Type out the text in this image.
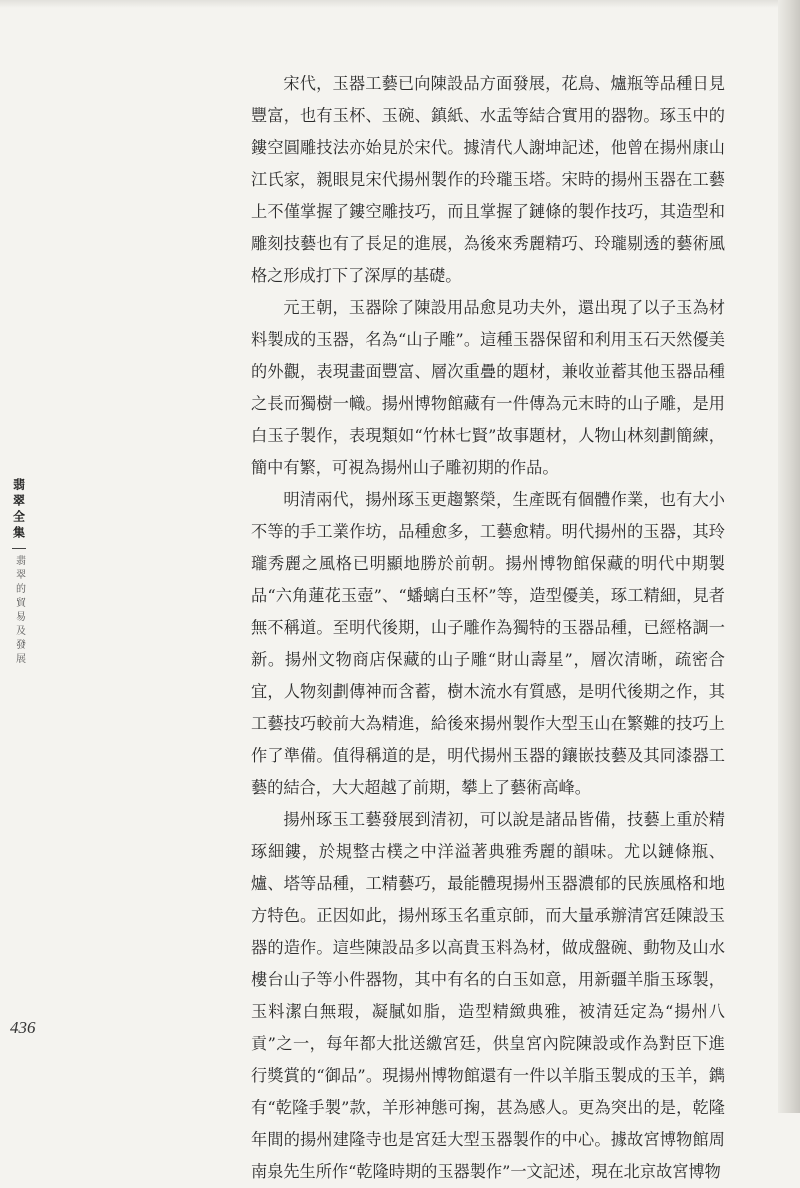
宋代，玉器工藝已向陳設品方面發展，花鳥、爐瓶等品種日見豐富，也有玉杯、玉碗、鎮紙、水盂等結合實用的器物。琢玉中的鏤空圓雕技法亦始見於宋代。據清代人謝坤記述，他曾在揚州康山江氏家，親眼見宋代揚州製作的玲瓏玉塔。宋時的揚州玉器在工藝上不僅掌握了鏤空雕技巧，而且掌握了鏈條的製作技巧，其造型和雕刻技藝也有了長足的進展，為後來秀麗精巧、玲瓏剔透的藝術風格之形成打下了深厚的基礎。

元王朝，玉器除了陳設用品愈見功夫外，還出現了以子玉為材料製成的玉器，名為“山子雕”。這種玉器保留和利用玉石天然優美的外觀，表現畫面豐富、層次重疊的題材，兼收並蓄其他玉器品種之長而獨樹一幟。揚州博物館藏有一件傳為元末時的山子雕，是用白玉子製作，表現類如“竹林七賢”故事題材，人物山林刻劃簡練，簡中有繁，可視為揚州山子雕初期的作品。

明清兩代，揚州琢玉更趨繁榮，生產既有個體作業，也有大小不等的手工業作坊，品種愈多，工藝愈精。明代揚州的玉器，其玲瓏秀麗之風格已明顯地勝於前朝。揚州博物館保藏的明代中期製品“六角蓮花玉壺”、“蟠螭白玉杯”等，造型優美，琢工精細，見者無不稱道。至明代後期，山子雕作為獨特的玉器品種，已經格調一新。揚州文物商店保藏的山子雕“財山壽星”，層次清晰，疏密合宜，人物刻劃傳神而含蓄，樹木流水有質感，是明代後期之作，其工藝技巧較前大為精進，給後來揚州製作大型玉山在繁難的技巧上作了準備。值得稱道的是，明代揚州玉器的鑲嵌技藝及其同漆器工藝的結合，大大超越了前期，攀上了藝術高峰。

揚州琢玉工藝發展到清初，可以說是諸品皆備，技藝上重於精琢細鏤，於規整古樸之中洋溢著典雅秀麗的韻味。尤以鏈條瓶、爐、塔等品種，工精藝巧，最能體現揚州玉器濃郁的民族風格和地方特色。正因如此，揚州琢玉名重京師，而大量承辦清宮廷陳設玉器的造作。這些陳設品多以高貴玉料為材，做成盤碗、動物及山水樓台山子等小件器物，其中有名的白玉如意，用新疆羊脂玉琢製，玉料潔白無瑕，凝膩如脂，造型精緻典雅，被清廷定為“揚州八貢”之一，每年都大批送繳宮廷，供皇宮內院陳設或作為對臣下進行獎賞的“御品”。現揚州博物館還有一件以羊脂玉製成的玉羊，鐫有“乾隆手製”款，羊形神態可掬，甚為感人。更為突出的是，乾隆年間的揚州建隆寺也是宮廷大型玉器製作的中心。據故宮博物館周南泉先生所作“乾隆時期的玉器製作”一文記述，現在北京故宮博物

翡翠全集
翡翠的貿易及發展
436
